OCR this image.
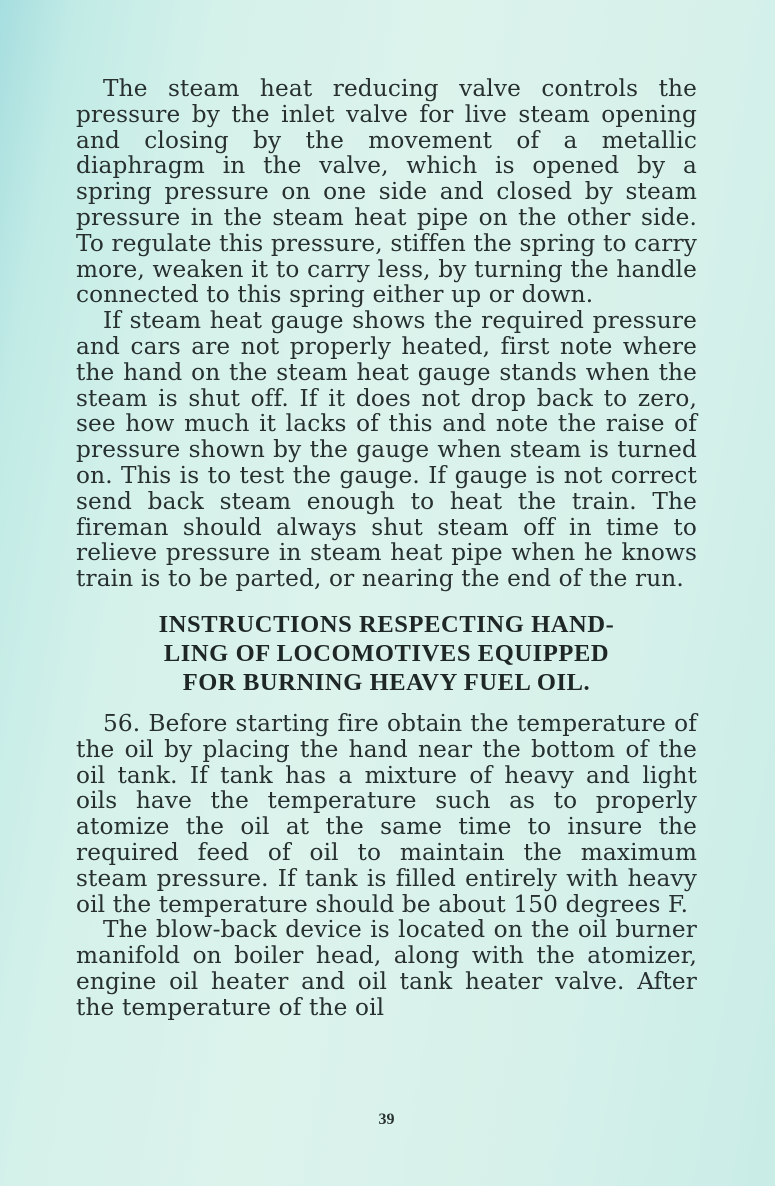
The steam heat reducing valve controls the pressure by the inlet valve for live steam opening and closing by the movement of a metallic diaphragm in the valve, which is opened by a spring pressure on one side and closed by steam pressure in the steam heat pipe on the other side. To regulate this pressure, stiffen the spring to carry more, weaken it to carry less, by turning the handle connected to this spring either up or down.

If steam heat gauge shows the required pressure and cars are not properly heated, first note where the hand on the steam heat gauge stands when the steam is shut off. If it does not drop back to zero, see how much it lacks of this and note the raise of pressure shown by the gauge when steam is turned on. This is to test the gauge. If gauge is not correct send back steam enough to heat the train. The fireman should always shut steam off in time to relieve pressure in steam heat pipe when he knows train is to be parted, or nearing the end of the run.

INSTRUCTIONS RESPECTING HAND-
LING OF LOCOMOTIVES EQUIPPED
FOR BURNING HEAVY FUEL OIL.

56. Before starting fire obtain the temperature of the oil by placing the hand near the bottom of the oil tank. If tank has a mixture of heavy and light oils have the temperature such as to properly atomize the oil at the same time to insure the required feed of oil to maintain the maximum steam pressure. If tank is filled entirely with heavy oil the temperature should be about 150 degrees F.

The blow-back device is located on the oil burner manifold on boiler head, along with the atomizer, engine oil heater and oil tank heater valve. After the temperature of the oil

39
